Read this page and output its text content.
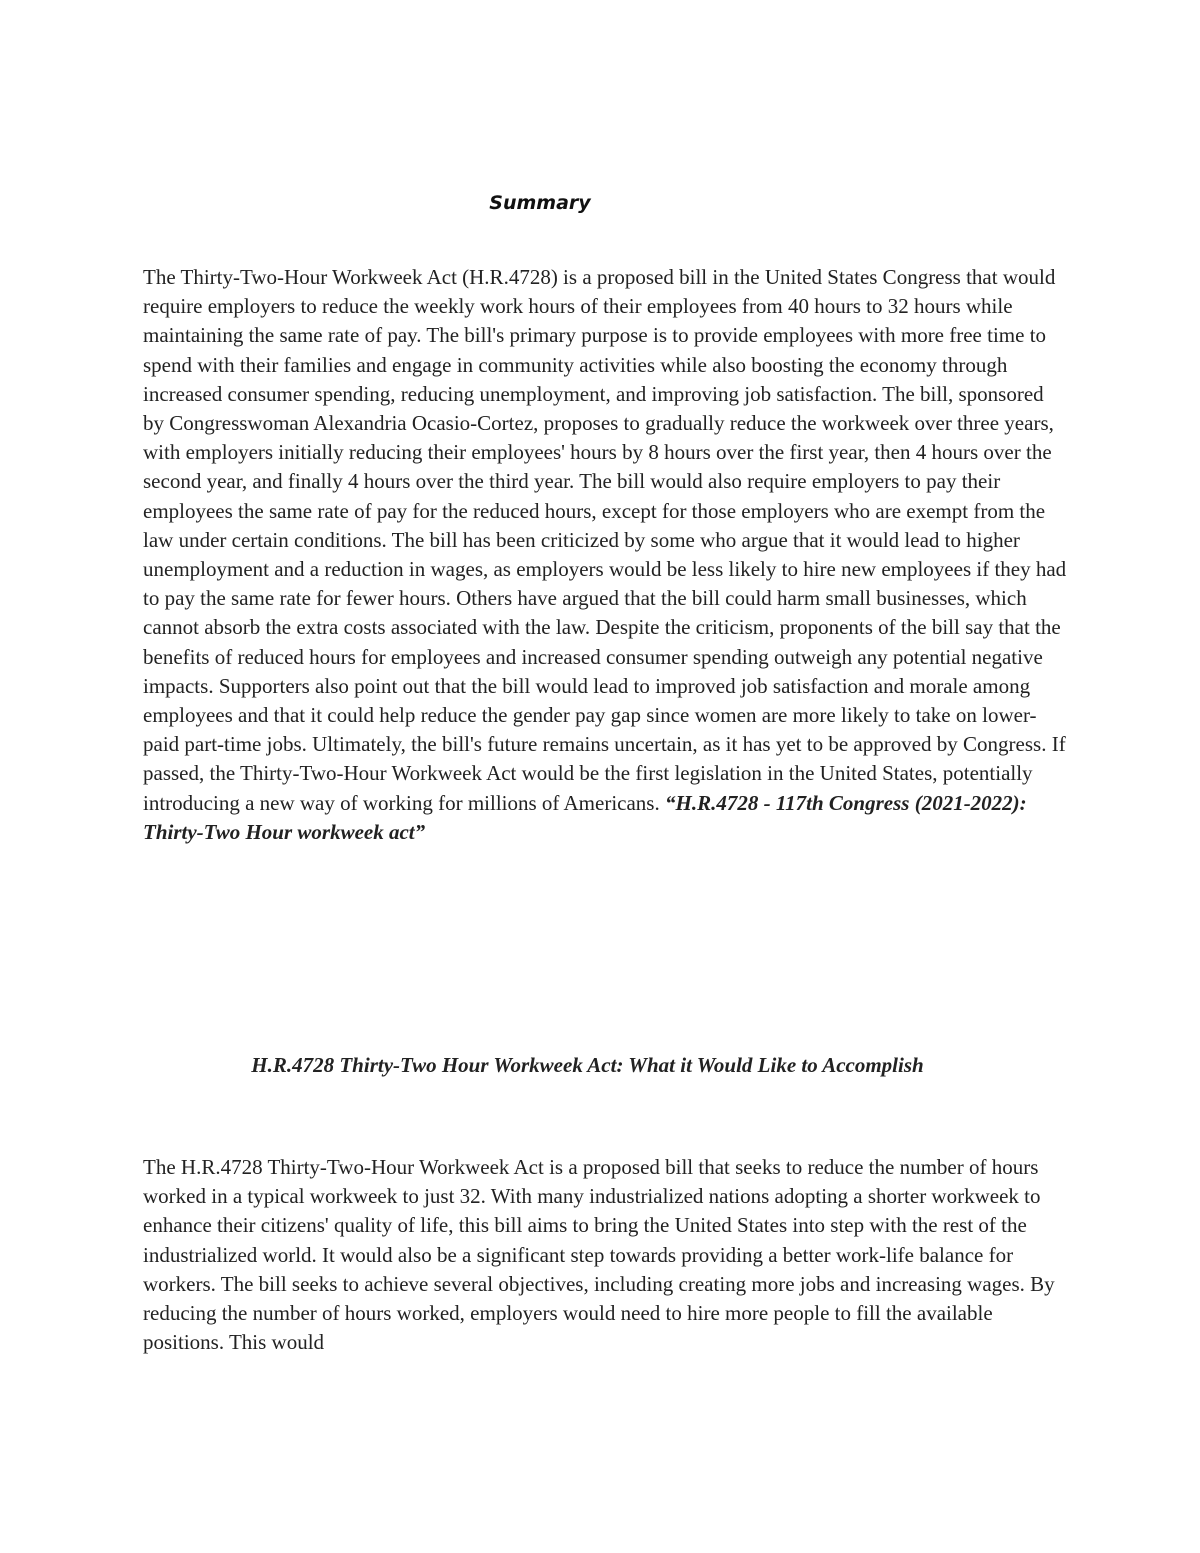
Summary

The Thirty-Two-Hour Workweek Act (H.R.4728) is a proposed bill in the United States Congress that would require employers to reduce the weekly work hours of their employees from 40 hours to 32 hours while maintaining the same rate of pay. The bill's primary purpose is to provide employees with more free time to spend with their families and engage in community activities while also boosting the economy through increased consumer spending, reducing unemployment, and improving job satisfaction. The bill, sponsored by Congresswoman Alexandria Ocasio-Cortez, proposes to gradually reduce the workweek over three years, with employers initially reducing their employees' hours by 8 hours over the first year, then 4 hours over the second year, and finally 4 hours over the third year. The bill would also require employers to pay their employees the same rate of pay for the reduced hours, except for those employers who are exempt from the law under certain conditions. The bill has been criticized by some who argue that it would lead to higher unemployment and a reduction in wages, as employers would be less likely to hire new employees if they had to pay the same rate for fewer hours. Others have argued that the bill could harm small businesses, which cannot absorb the extra costs associated with the law. Despite the criticism, proponents of the bill say that the benefits of reduced hours for employees and increased consumer spending outweigh any potential negative impacts. Supporters also point out that the bill would lead to improved job satisfaction and morale among employees and that it could help reduce the gender pay gap since women are more likely to take on lower-paid part-time jobs. Ultimately, the bill's future remains uncertain, as it has yet to be approved by Congress. If passed, the Thirty-Two-Hour Workweek Act would be the first legislation in the United States, potentially introducing a new way of working for millions of Americans. “H.R.4728 - 117th Congress (2021-2022): Thirty-Two Hour workweek act”

H.R.4728 Thirty-Two Hour Workweek Act: What it Would Like to Accomplish

The H.R.4728 Thirty-Two-Hour Workweek Act is a proposed bill that seeks to reduce the number of hours worked in a typical workweek to just 32. With many industrialized nations adopting a shorter workweek to enhance their citizens' quality of life, this bill aims to bring the United States into step with the rest of the industrialized world. It would also be a significant step towards providing a better work-life balance for workers. The bill seeks to achieve several objectives, including creating more jobs and increasing wages. By reducing the number of hours worked, employers would need to hire more people to fill the available positions. This would
